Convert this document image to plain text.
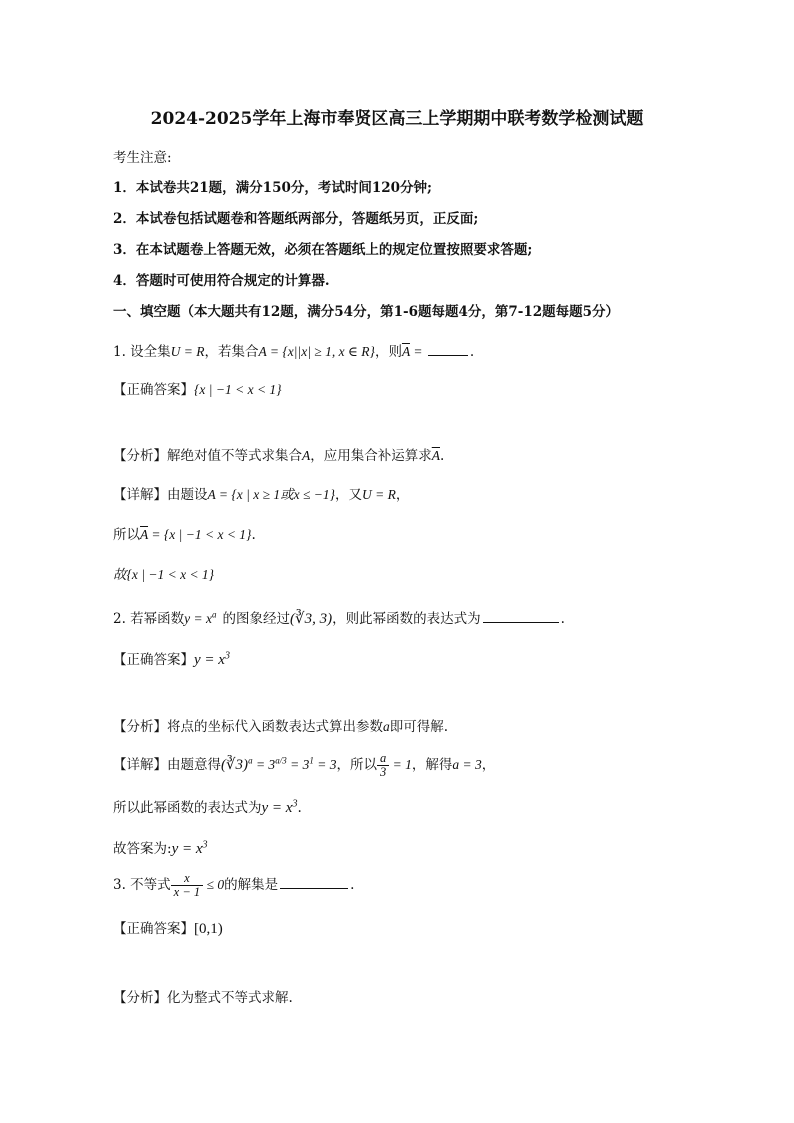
2024-2025学年上海市奉贤区高三上学期期中联考数学检测试题
考生注意:
1．本试卷共21题，满分150分，考试时间120分钟;
2．本试卷包括试题卷和答题纸两部分，答题纸另页，正反面;
3．在本试题卷上答题无效，必须在答题纸上的规定位置按照要求答题;
4．答题时可使用符合规定的计算器.
一、填空题（本大题共有12题，满分54分，第1-6题每题4分，第7-12题每题5分）
1. 设全集U = R，若集合A = {x||x| ≥ 1, x ∈ R}，则$\overline{A}$ =	.
【正确答案】{x | −1 < x < 1}
【分析】解绝对值不等式求集合A，应用集合补运算求$\overline{A}$.
【详解】由题设A = {x | x ≥ 1或x ≤ −1}，又U = R，
所以$\overline{A} = \{x$ | −1 < x < 1}.
故{x | −1 < x < 1}
2. 若幂函数$y = x^a$ 的图象经过(∛3, 3)，则此幂函数的表达式为	.
【正确答案】$y = x^3$
【分析】将点的坐标代入函数表达式算出参数a即可得解.
【详解】由题意得(∛3)$^a$ = $3^{a/3} = 3^1 = 3$，所以 $\frac{a}{3} = 1$，解得a = 3，
所以此幂函数的表达式为$y = x^3$.
故答案为:y = $x^3$
3. 不等式 $\frac{x}{x - 1} \le 0$的解集是	.
【正确答案】[0,1)
【分析】化为整式不等式求解.
